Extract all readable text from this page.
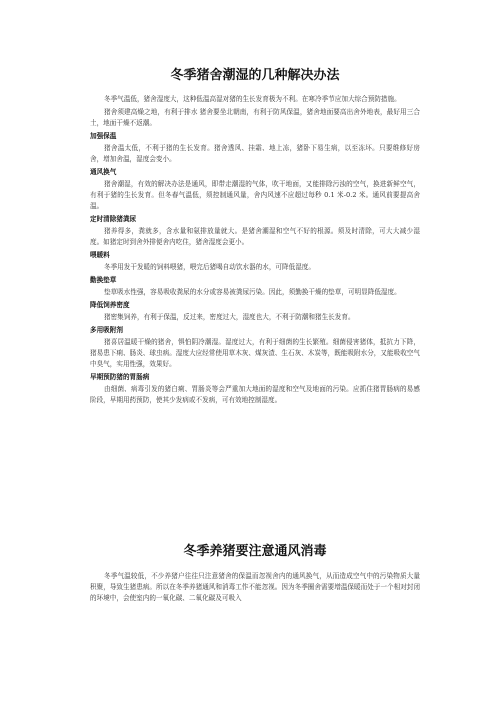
冬季猪舍潮湿的几种解决办法

冬季气温低，猪舍湿度大，这种低温高湿对猪的生长发育极为不利。在寒冷季节应加大综合预防措施。

猪舍须建高燥之地，有利于排水 猪舍要坐北朝南，有利于防风保温，猪舍地面要高出舍外地表，最好用三合土，地面干燥不返潮。

加强保温

猪舍温太低，不利于猪的生长发育。猪舍透风、挂霜、地上冻，猪卧下易生病，以至冻坏。只要维修好房舍，增加舍温，湿度会变小。

通风换气

猪舍潮湿，有效的解决办法是通风，即带走潮湿的气体，吹干地面，又能排除污浊的空气，换进新鲜空气，有利于猪的生长发育。但冬春气温低，须控制通风量，舍内风速不应超过每秒 0.1 米-0.2 米。通风前要提高舍温。

定时清除猪粪尿

猪养得多，粪就多，含水量和氨排放量就大。是猪舍潮湿和空气不好的根源。须及时清除，可大大减少湿度。如猪定时到舍外排便舍内吃住，猪舍湿度会更小。

喂暖料

冬季用发干发暖的饲料喂猪，喂完后猪喝自动饮水器的水，可降低湿度。

勤换垫草

垫草吸水性强，容易吸收粪尿的水分或容易被粪尿污染。因此，须勤换干燥的垫草，可明显降低湿度。

降低饲养密度

猪密集饲养，有利于保温，反过来，密度过大，湿度也大，不利于防潮和猪生长发育。

多用吸附剂

猪喜居温暖干燥的猪舍，惧怕阴冷潮湿。湿度过大，有利于细菌的生长繁殖。细菌侵害猪体，抵抗力下降，猪易患下痢、肠炎、球虫病。湿度大应经常使用草木灰、煤灰渣、生石灰、木炭等，既能吸附水分，又能吸收空气中臭气，实用性强，效果好。

早期预防猪的胃肠病

由细菌、病毒引发的猪白痢、胃肠炎等会严重加大地面的湿度和空气及地面的污染。应抓住猪胃肠病的易感阶段，早期用药预防，使其少发病或不发病，可有效地控制湿度。

冬季养猪要注意通风消毒

冬季气温较低，不少养猪户往往只注意猪舍的保温而忽视舍内的通风换气，从而造成空气中的污染物质大量积聚，导致生猪患病。所以在冬季养猪通风和消毒工作不能忽视。因为冬季圈舍需要增温保暖而处于一个相对封闭的环境中，会使室内的一氧化碳、二氧化碳及可吸入
